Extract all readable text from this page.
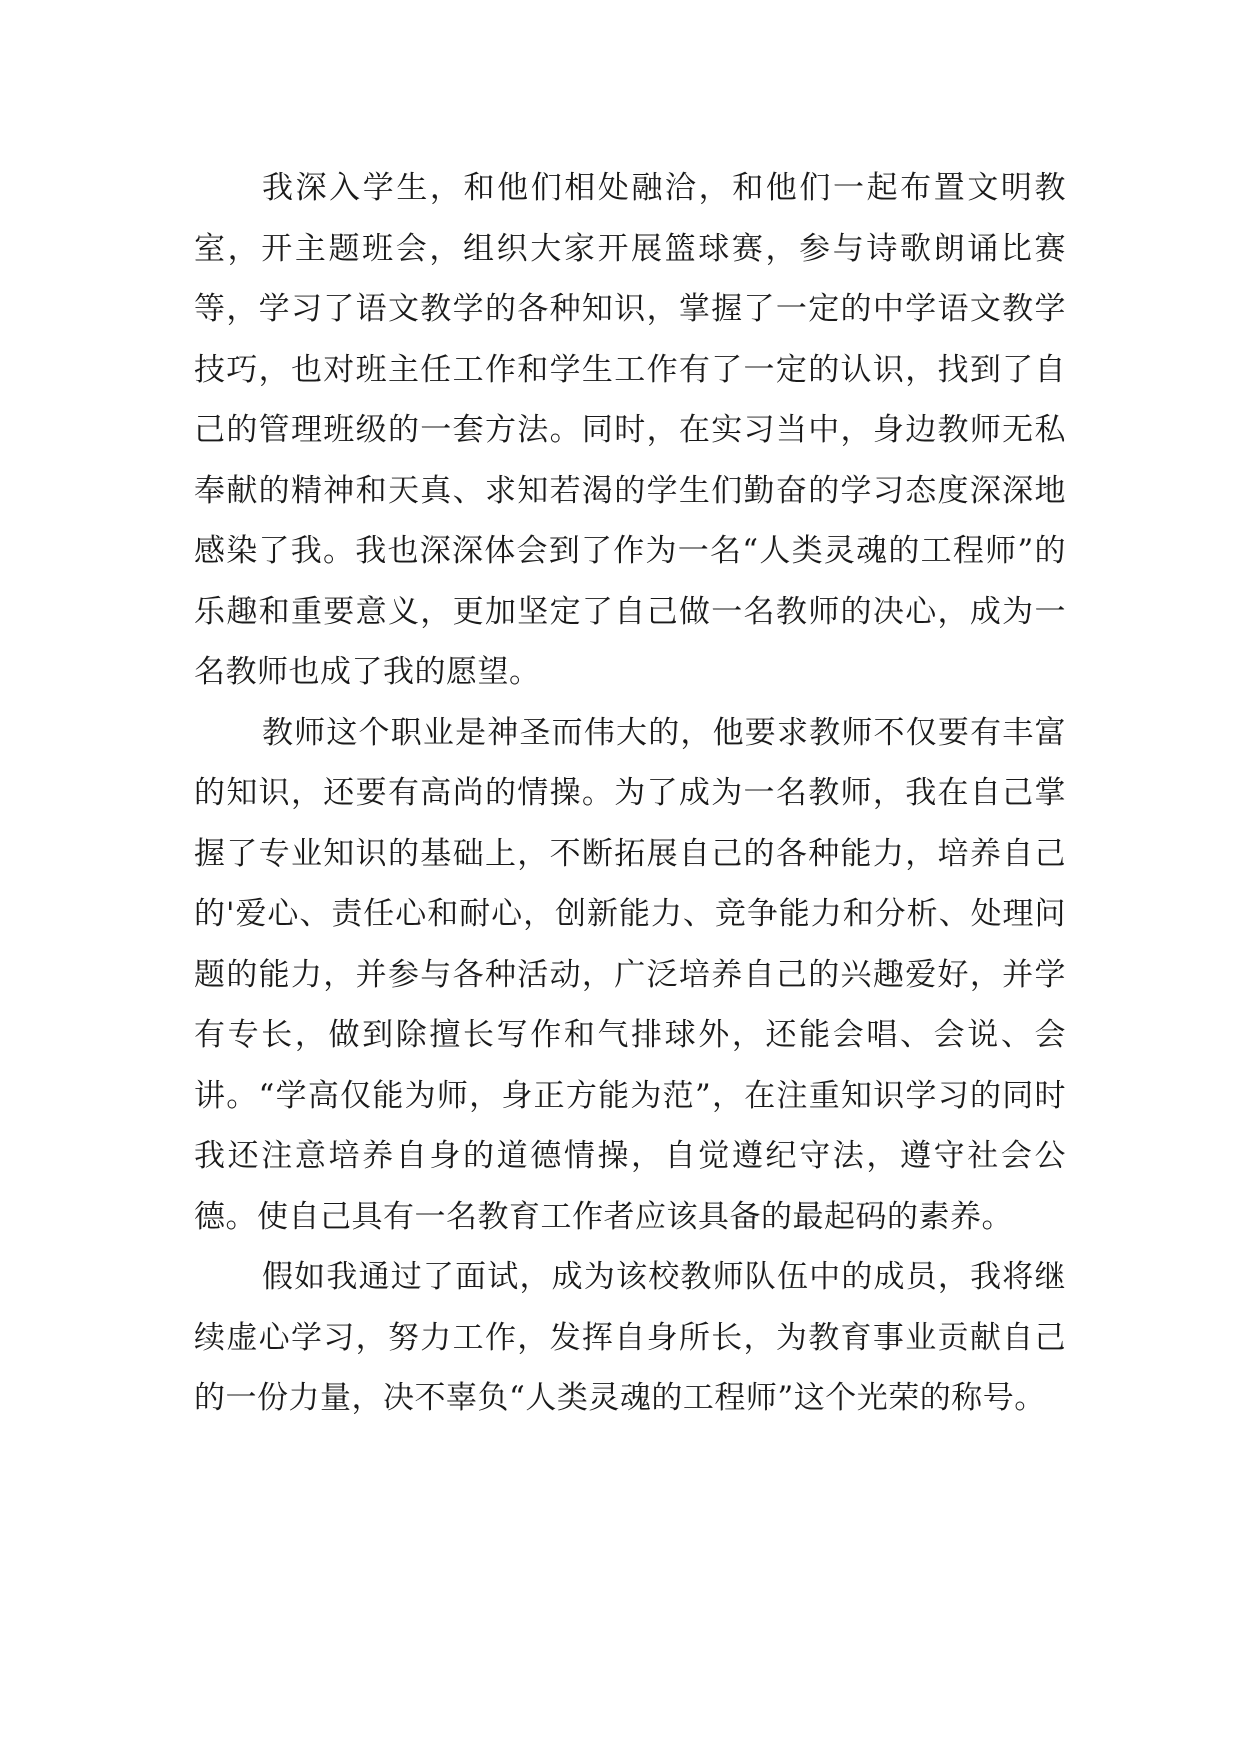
我深入学生，和他们相处融洽，和他们一起布置文明教室，开主题班会，组织大家开展篮球赛，参与诗歌朗诵比赛等，学习了语文教学的各种知识，掌握了一定的中学语文教学技巧，也对班主任工作和学生工作有了一定的认识，找到了自己的管理班级的一套方法。同时，在实习当中，身边教师无私奉献的精神和天真、求知若渴的学生们勤奋的学习态度深深地感染了我。我也深深体会到了作为一名“人类灵魂的工程师”的乐趣和重要意义，更加坚定了自己做一名教师的决心，成为一名教师也成了我的愿望。

教师这个职业是神圣而伟大的，他要求教师不仅要有丰富的知识，还要有高尚的情操。为了成为一名教师，我在自己掌握了专业知识的基础上，不断拓展自己的各种能力，培养自己的'爱心、责任心和耐心，创新能力、竞争能力和分析、处理问题的能力，并参与各种活动，广泛培养自己的兴趣爱好，并学有专长，做到除擅长写作和气排球外，还能会唱、会说、会讲。“学高仅能为师，身正方能为范”，在注重知识学习的同时我还注意培养自身的道德情操，自觉遵纪守法，遵守社会公德。使自己具有一名教育工作者应该具备的最起码的素养。

假如我通过了面试，成为该校教师队伍中的成员，我将继续虚心学习，努力工作，发挥自身所长，为教育事业贡献自己的一份力量，决不辜负“人类灵魂的工程师”这个光荣的称号。
